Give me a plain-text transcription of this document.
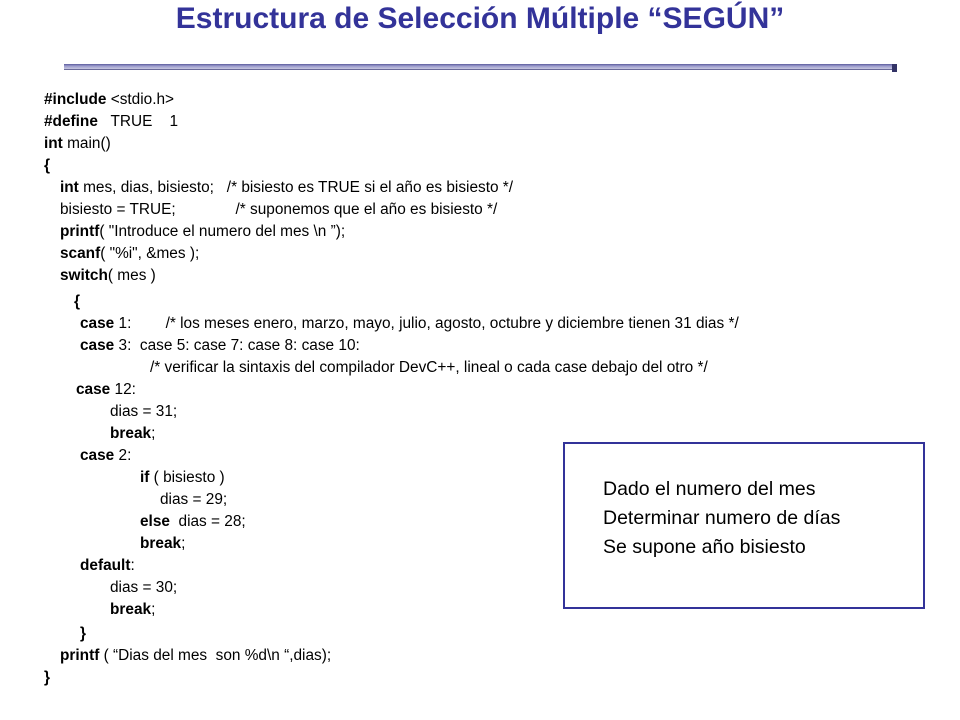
Estructura de Selección Múltiple “SEGÚN”
#include <stdio.h>
#define   TRUE    1
int main()
{
int mes, dias, bisiesto;   /* bisiesto es TRUE si el año es bisiesto */
bisiesto = TRUE;              /* suponemos que el año es bisiesto */
printf( "Introduce el numero del mes \n ”);
scanf( "%i", &mes );
switch( mes )
{
case 1:        /* los meses enero, marzo, mayo, julio, agosto, octubre y diciembre tienen 31 dias */
case 3:  case 5: case 7: case 8: case 10:
/* verificar la sintaxis del compilador DevC++, lineal o cada case debajo del otro */
case 12:
dias = 31;
break;
case 2:
if ( bisiesto )
dias = 29;
else  dias = 28;
break;
default:
dias = 30;
break;
}
printf ( “Dias del mes  son %d\n “,dias);
}
Dado el numero del mes
Determinar numero de días
Se supone año bisiesto
